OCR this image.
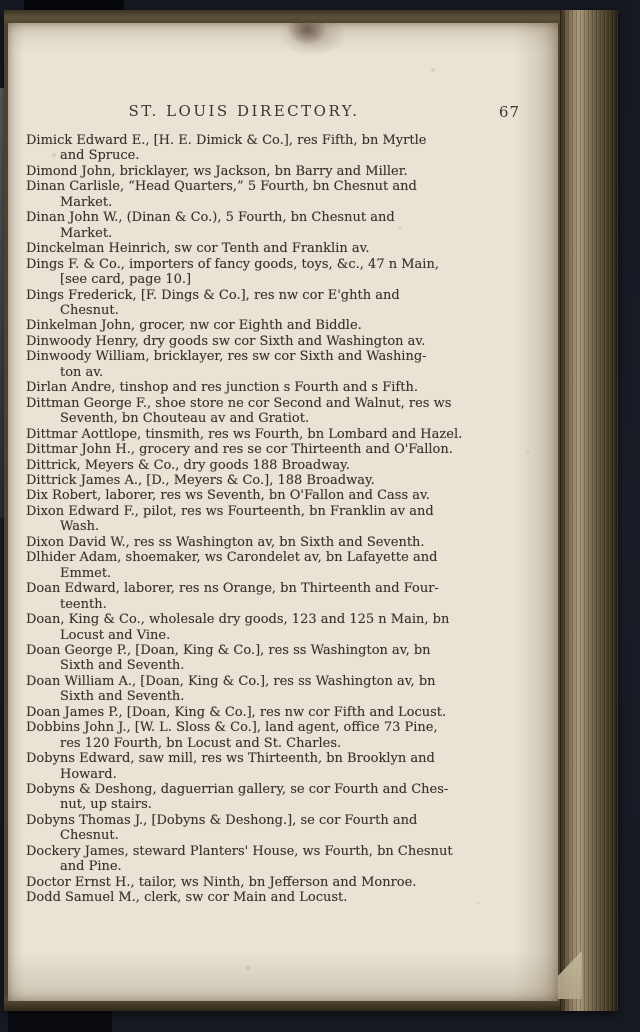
ST. LOUIS DIRECTORY.	67
Dimick Edward E., [H. E. Dimick & Co.], res Fifth, bn Myrtle
and Spruce.
Dimond John, bricklayer, ws Jackson, bn Barry and Miller.
Dinan Carlisle, “Head Quarters,” 5 Fourth, bn Chesnut and
Market.
Dinan John W., (Dinan & Co.), 5 Fourth, bn Chesnut and
Market.
Dinckelman Heinrich, sw cor Tenth and Franklin av.
Dings F. & Co., importers of fancy goods, toys, &c., 47 n Main,
[see card, page 10.]
Dings Frederick, [F. Dings & Co.], res nw cor E'ghth and
Chesnut.
Dinkelman John, grocer, nw cor Eighth and Biddle.
Dinwoody Henry, dry goods sw cor Sixth and Washington av.
Dinwoody William, bricklayer, res sw cor Sixth and Washing-
ton av.
Dirlan Andre, tinshop and res junction s Fourth and s Fifth.
Dittman George F., shoe store ne cor Second and Walnut, res ws
Seventh, bn Chouteau av and Gratiot.
Dittmar Aottlope, tinsmith, res ws Fourth, bn Lombard and Hazel.
Dittmar John H., grocery and res se cor Thirteenth and O'Fallon.
Dittrick, Meyers & Co., dry goods 188 Broadway.
Dittrick James A., [D., Meyers & Co.], 188 Broadway.
Dix Robert, laborer, res ws Seventh, bn O'Fallon and Cass av.
Dixon Edward F., pilot, res ws Fourteenth, bn Franklin av and
Wash.
Dixon David W., res ss Washington av, bn Sixth and Seventh.
Dlhider Adam, shoemaker, ws Carondelet av, bn Lafayette and
Emmet.
Doan Edward, laborer, res ns Orange, bn Thirteenth and Four-
teenth.
Doan, King & Co., wholesale dry goods, 123 and 125 n Main, bn
Locust and Vine.
Doan George P., [Doan, King & Co.], res ss Washington av, bn
Sixth and Seventh.
Doan William A., [Doan, King & Co.], res ss Washington av, bn
Sixth and Seventh.
Doan James P., [Doan, King & Co.], res nw cor Fifth and Locust.
Dobbins John J., [W. L. Sloss & Co.], land agent, office 73 Pine,
res 120 Fourth, bn Locust and St. Charles.
Dobyns Edward, saw mill, res ws Thirteenth, bn Brooklyn and
Howard.
Dobyns & Deshong, daguerrian gallery, se cor Fourth and Ches-
nut, up stairs.
Dobyns Thomas J., [Dobyns & Deshong.], se cor Fourth and
Chesnut.
Dockery James, steward Planters' House, ws Fourth, bn Chesnut
and Pine.
Doctor Ernst H., tailor, ws Ninth, bn Jefferson and Monroe.
Dodd Samuel M., clerk, sw cor Main and Locust.
